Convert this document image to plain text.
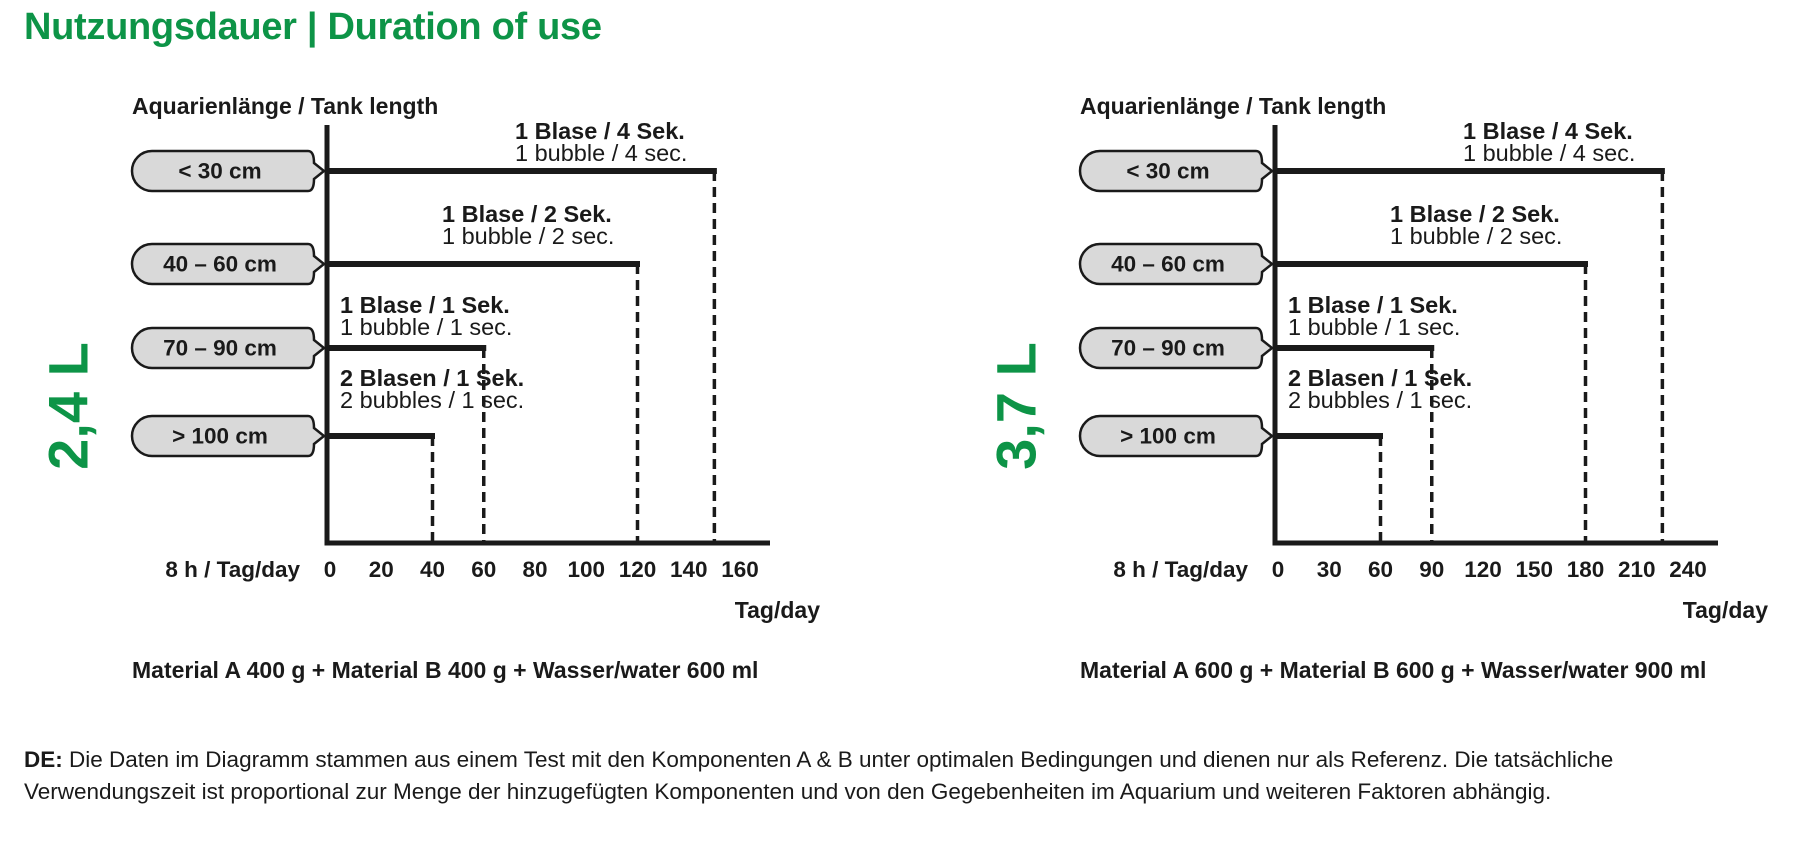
Nutzungsdauer | Duration of use
2,4 L
Aquarienlänge / Tank length
< 30 cm
40 – 60 cm
70 – 90 cm
> 100 cm
1 Blase / 4 Sek.
1 bubble / 4 sec.
1 Blase / 2 Sek.
1 bubble / 2 sec.
1 Blase / 1 Sek.
1 bubble / 1 sec.
2 Blasen / 1 Sek.
2 bubbles / 1 sec.
0 20 40 60 80 100 120 140 160
8 h / Tag/day
Tag/day
Material A 400 g + Material B 400 g + Wasser/water 600 ml
3,7 L
Aquarienlänge / Tank length
< 30 cm
40 – 60 cm
70 – 90 cm
> 100 cm
1 Blase / 4 Sek.
1 bubble / 4 sec.
1 Blase / 2 Sek.
1 bubble / 2 sec.
1 Blase / 1 Sek.
1 bubble / 1 sec.
2 Blasen / 1 Sek.
2 bubbles / 1 sec.
0 30 60 90 120 150 180 210 240
8 h / Tag/day
Tag/day
Material A 600 g + Material B 600 g + Wasser/water 900 ml

DE: Die Daten im Diagramm stammen aus einem Test mit den Komponenten A & B unter optimalen Bedingungen und dienen nur als Referenz. Die tatsächliche Verwendungszeit ist proportional zur Menge der hinzugefügten Komponenten und von den Gegebenheiten im Aquarium und weiteren Faktoren abhängig.
